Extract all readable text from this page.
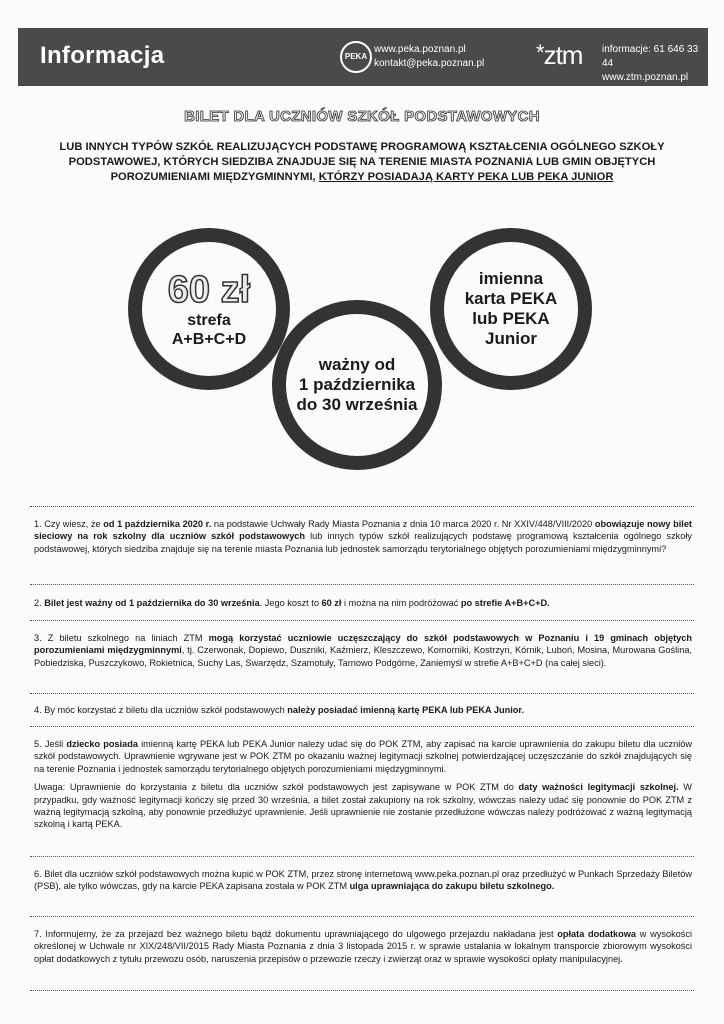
Informacja	PEKA
www.peka.poznan.pl
kontakt@peka.poznan.pl *ztm informacje: 61 646 33 44
www.ztm.poznan.pl
BILET DLA UCZNIÓW SZKÓŁ PODSTAWOWYCH
LUB INNYCH TYPÓW SZKÓŁ REALIZUJĄCYCH PODSTAWĘ PROGRAMOWĄ KSZTAŁCENIA OGÓLNEGO SZKOŁY PODSTAWOWEJ, KTÓRYCH SIEDZIBA ZNAJDUJE SIĘ NA TERENIE MIASTA POZNANIA LUB GMIN OBJĘTYCH POROZUMIENIAMI MIĘDZYGMINNYMI, KTÓRZY POSIADAJĄ KARTY PEKA LUB PEKA JUNIOR
60 zł
strefa
A+B+C+D
imienna
karta PEKA
lub PEKA
Junior
ważny od
1 października
do 30 września
1. Czy wiesz, że od 1 października 2020 r. na podstawie Uchwały Rady Miasta Poznania z dnia 10 marca 2020 r. Nr XXIV/448/VIII/2020 obowiązuje nowy bilet sieciowy na rok szkolny dla uczniów szkół podstawowych lub innych typów szkół realizujących podstawę programową kształcenia ogólnego szkoły podstawowej, których siedziba znajduje się na terenie miasta Poznania lub jednostek samorządu terytorialnego objętych porozumieniami międzygminnymi?
2. Bilet jest ważny od 1 października do 30 września. Jego koszt to 60 zł i można na nim podróżować po strefie A+B+C+D.
3. Z biletu szkolnego na liniach ZTM mogą korzystać uczniowie uczęszczający do szkół podstawowych w Poznaniu i 19 gminach objętych porozumieniami międzygminnymi, tj. Czerwonak, Dopiewo, Duszniki, Kaźmierz, Kleszczewo, Komorniki, Kostrzyn, Kórnik, Luboń, Mosina, Murowana Goślina, Pobiedziska, Puszczykowo, Rokietnica, Suchy Las, Swarzędz, Szamotuły, Tarnowo Podgórne, Zaniemyśl w strefie A+B+C+D (na całej sieci).
4. By móc korzystać z biletu dla uczniów szkół podstawowych należy posiadać imienną kartę PEKA lub PEKA Junior.

5. Jeśli dziecko posiada imienną kartę PEKA lub PEKA Junior należy udać się do POK ZTM, aby zapisać na karcie uprawnienia do zakupu biletu dla uczniów szkół podstawowych. Uprawnienie wgrywane jest w POK ZTM po okazaniu ważnej legitymacji szkolnej potwierdzającej uczęszczanie do szkół znajdujących się na terenie Poznania i jednostek samorządu terytorialnego objętych porozumieniami międzygminnymi.

Uwaga: Uprawnienie do korzystania z biletu dla uczniów szkół podstawowych jest zapisywane w POK ZTM do daty ważności legitymacji szkolnej. W przypadku, gdy ważność legitymacji kończy się przed 30 września, a bilet został zakupiony na rok szkolny, wówczas należy udać się ponownie do POK ZTM z ważną legitymacją szkolną, aby ponownie przedłużyć uprawnienie. Jeśli uprawnienie nie zostanie przedłużone wówczas należy podróżować z ważną legitymacją szkolną i kartą PEKA.

6. Bilet dla uczniów szkół podstawowych można kupić w POK ZTM, przez stronę internetową www.peka.poznan.pl oraz przedłużyć w Punkach Sprzedaży Biletów (PSB), ale tylko wówczas, gdy na karcie PEKA zapisana została w POK ZTM ulga uprawniająca do zakupu biletu szkolnego.
7. Informujemy, że za przejazd bez ważnego biletu bądź dokumentu uprawniającego do ulgowego przejazdu nakładana jest opłata dodatkowa w wysokości określonej w Uchwale nr XIX/248/VII/2015 Rady Miasta Poznania z dnia 3 listopada 2015 r. w sprawie ustalania w lokalnym transporcie zbiorowym wysokości opłat dodatkowych z tytułu przewozu osób, naruszenia przepisów o przewozie rzeczy i zwierząt oraz w sprawie wysokości opłaty manipulacyjnej.
